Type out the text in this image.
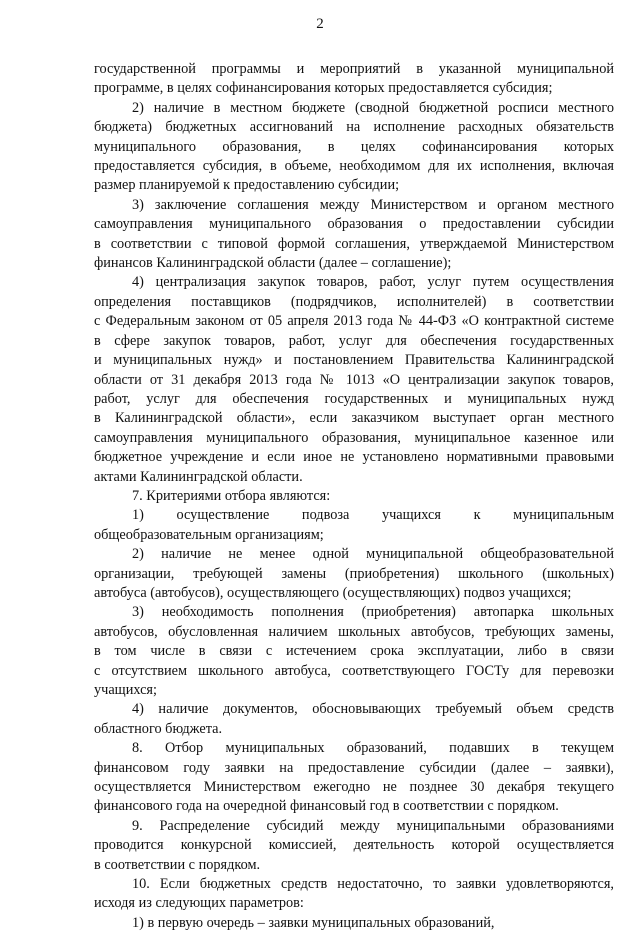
2
государственной программы и мероприятий в указанной муниципальной
программе, в целях софинансирования которых предоставляется субсидия;
2) наличие в местном бюджете (сводной бюджетной росписи местного
бюджета) бюджетных ассигнований на исполнение расходных обязательств
муниципального образования, в целях софинансирования которых
предоставляется субсидия, в объеме, необходимом для их исполнения, включая
размер планируемой к предоставлению субсидии;
3) заключение соглашения между Министерством и органом местного
самоуправления муниципального образования о предоставлении субсидии
в соответствии с типовой формой соглашения, утверждаемой Министерством
финансов Калининградской области (далее – соглашение);
4) централизация закупок товаров, работ, услуг путем осуществления
определения поставщиков (подрядчиков, исполнителей) в соответствии
с Федеральным законом от 05 апреля 2013 года № 44-ФЗ «О контрактной системе
в сфере закупок товаров, работ, услуг для обеспечения государственных
и муниципальных нужд» и постановлением Правительства Калининградской
области от 31 декабря 2013 года № 1013 «О централизации закупок товаров,
работ, услуг для обеспечения государственных и муниципальных нужд
в Калининградской области», если заказчиком выступает орган местного
самоуправления муниципального образования, муниципальное казенное или
бюджетное учреждение и если иное не установлено нормативными правовыми
актами Калининградской области.
7. Критериями отбора являются:
1) осуществление подвоза учащихся к муниципальным
общеобразовательным организациям;
2) наличие не менее одной муниципальной общеобразовательной
организации, требующей замены (приобретения) школьного (школьных)
автобуса (автобусов), осуществляющего (осуществляющих) подвоз учащихся;
3) необходимость пополнения (приобретения) автопарка школьных
автобусов, обусловленная наличием школьных автобусов, требующих замены,
в том числе в связи с истечением срока эксплуатации, либо в связи
с отсутствием школьного автобуса, соответствующего ГОСТу для перевозки
учащихся;
4) наличие документов, обосновывающих требуемый объем средств
областного бюджета.
8. Отбор муниципальных образований, подавших в текущем
финансовом году заявки на предоставление субсидии (далее – заявки),
осуществляется Министерством ежегодно не позднее 30 декабря текущего
финансового года на очередной финансовый год в соответствии с порядком.
9. Распределение субсидий между муниципальными образованиями
проводится конкурсной комиссией, деятельность которой осуществляется
в соответствии с порядком.
10. Если бюджетных средств недостаточно, то заявки удовлетворяются,
исходя из следующих параметров:
1) в первую очередь – заявки муниципальных образований,
